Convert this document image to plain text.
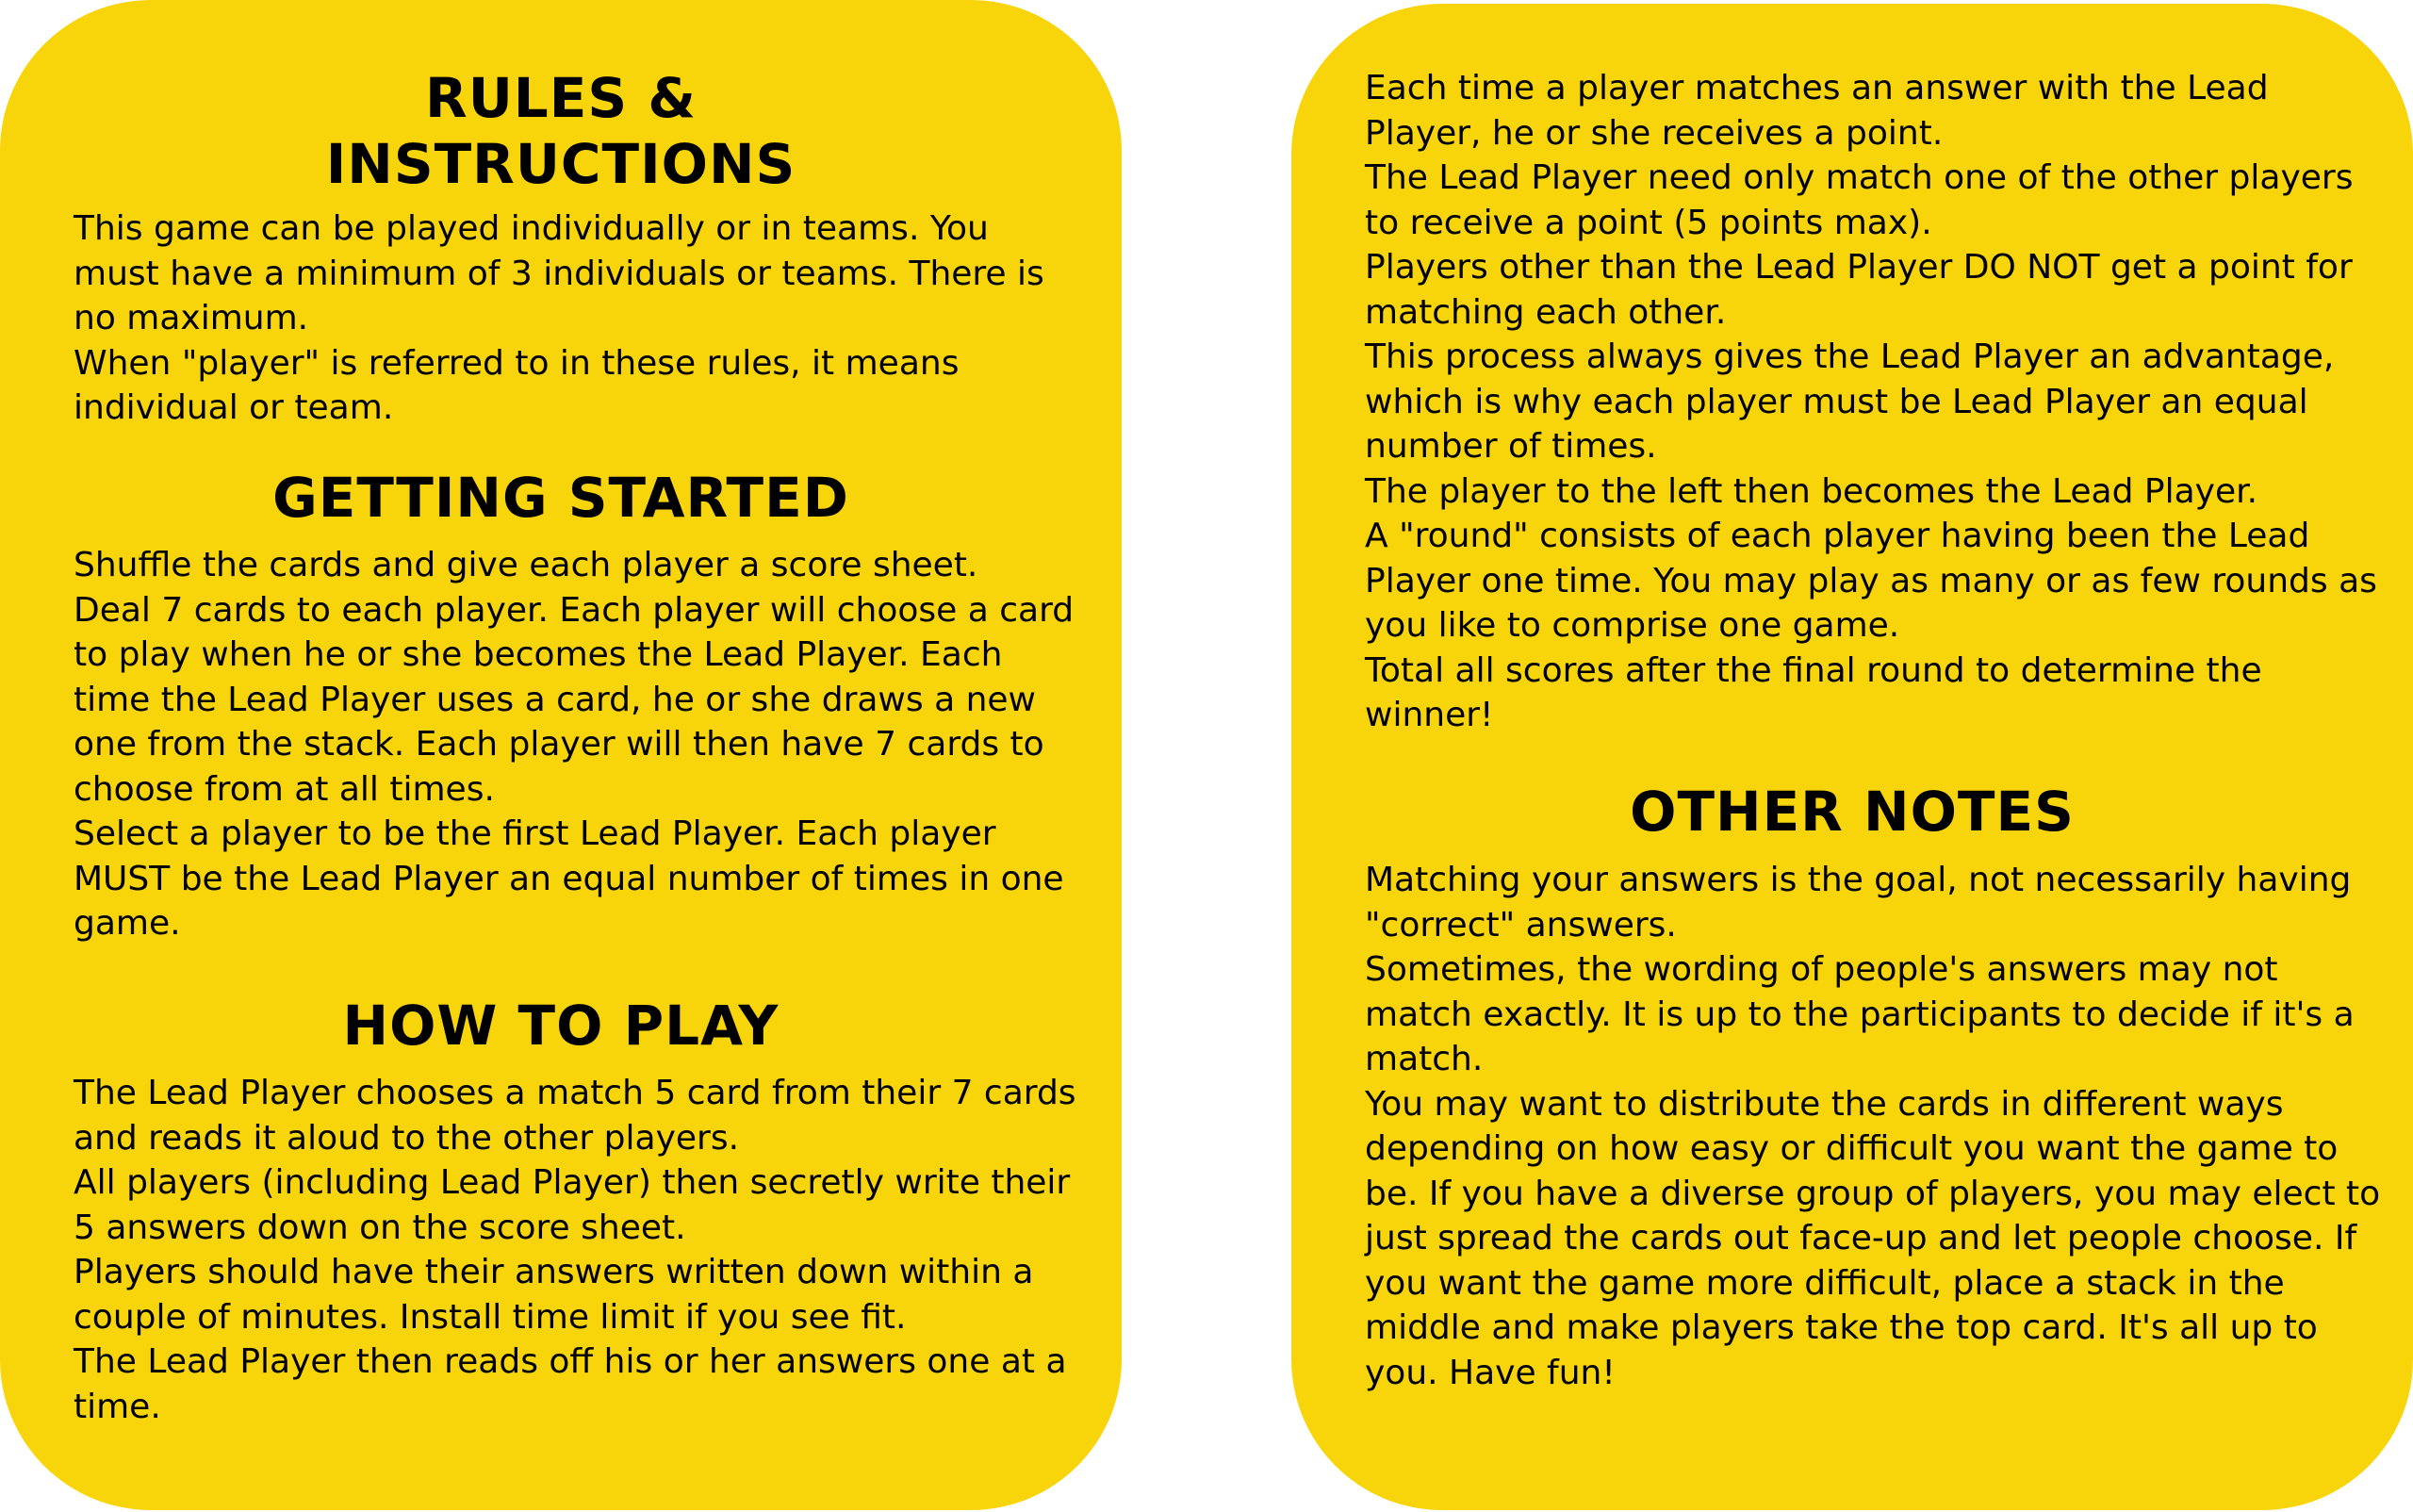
RULES &
INSTRUCTIONS

This game can be played individually or in teams. You must have a minimum of 3 individuals or teams. There is no maximum.

When "player" is referred to in these rules, it means individual or team.

GETTING STARTED

Shuffle the cards and give each player a score sheet.

Deal 7 cards to each player. Each player will choose a card to play when he or she becomes the Lead Player. Each time the Lead Player uses a card, he or she draws a new one from the stack. Each player will then have 7 cards to choose from at all times.

Select a player to be the first Lead Player. Each player MUST be the Lead Player an equal number of times in one game.

HOW TO PLAY

The Lead Player chooses a match 5 card from their 7 cards and reads it aloud to the other players.

All players (including Lead Player) then secretly write their 5 answers down on the score sheet.

Players should have their answers written down within a couple of minutes. Install time limit if you see fit.

The Lead Player then reads off his or her answers one at a time.

Each time a player matches an answer with the Lead Player, he or she receives a point.

The Lead Player need only match one of the other players to receive a point (5 points max).

Players other than the Lead Player DO NOT get a point for matching each other.

This process always gives the Lead Player an advantage, which is why each player must be Lead Player an equal number of times.

The player to the left then becomes the Lead Player.

A "round" consists of each player having been the Lead Player one time. You may play as many or as few rounds as you like to comprise one game.

Total all scores after the final round to determine the winner!

OTHER NOTES

Matching your answers is the goal, not necessarily having "correct" answers.

Sometimes, the wording of people's answers may not match exactly. It is up to the participants to decide if it's a match.

You may want to distribute the cards in different ways depending on how easy or difficult you want the game to be. If you have a diverse group of players, you may elect to just spread the cards out face-up and let people choose. If you want the game more difficult, place a stack in the middle and make players take the top card. It's all up to you. Have fun!
